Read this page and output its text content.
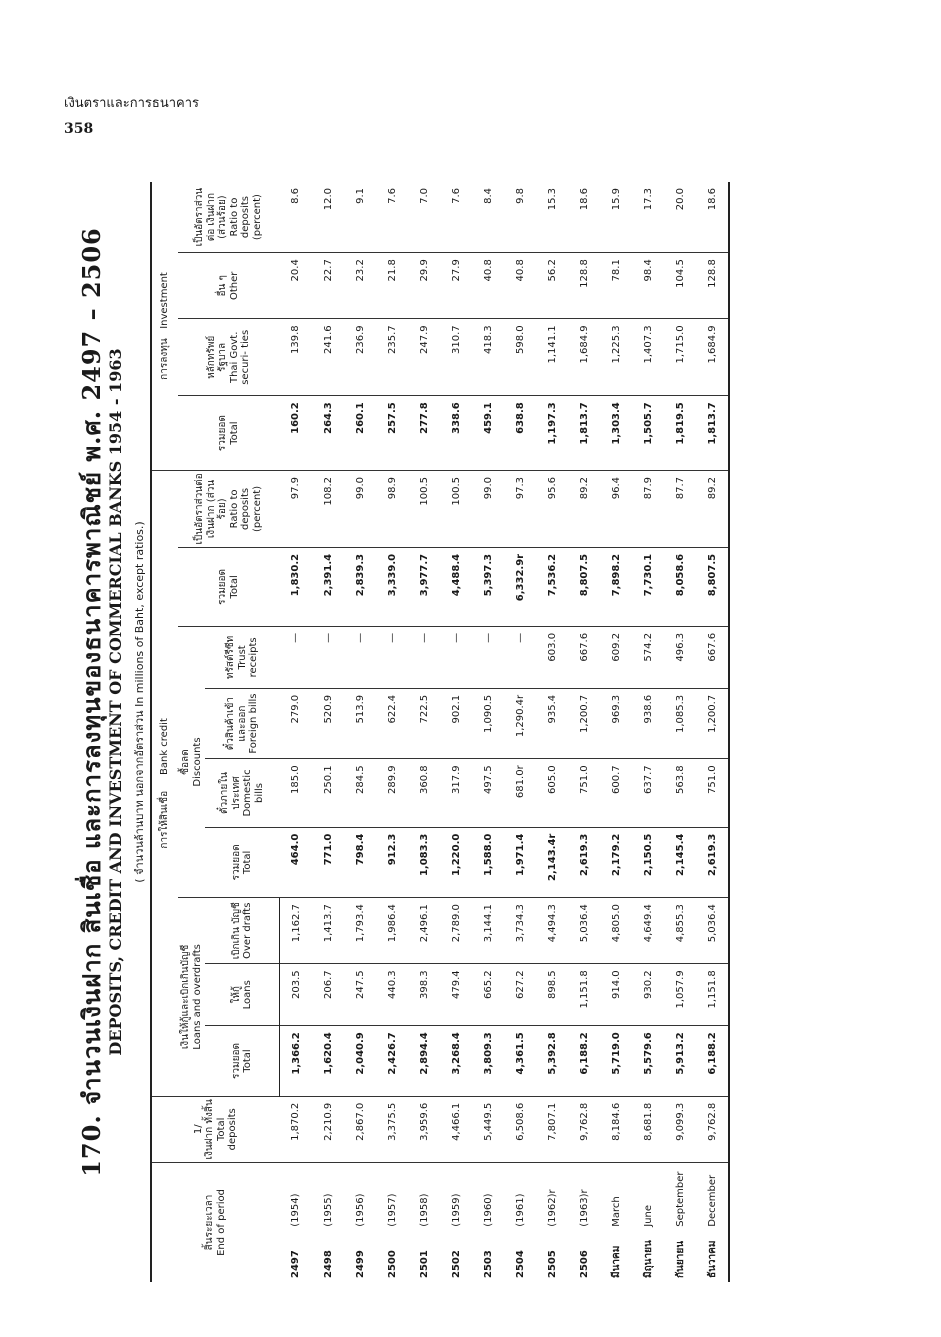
เงินตราและการธนาคาร
358
170. จำนวนเงินฝาก สินเชื่อ และการลงทุนของธนาคารพาณิชย์ พ.ศ. 2497 – 2506 DEPOSITS, CREDIT AND INVESTMENT OF COMMERCIAL BANKS 1954 - 1963 ( จำนวนล้านบาท นอกจากอัตราส่วน In millions of Baht, except ratios.)
สิ้นระยะเวลา End of period		1/ เงินฝาก ทั้งสิ้น Total deposits	การให้สินเชื่อ     Bank credit									การลงทุน   Investment			

			เงินให้กู้และเบิกเกินบัญชี Loans and overdrafts			ซื้อลด Discounts				รวมยอด Total	เป็นอัตราส่วนต่อ เงินฝาก (ส่วนร้อย) Ratio to deposits (percent)	รวมยอด Total	หลักทรัพย์ รัฐบาล Thai Govt. securi- ties	อื่น ๆ Other	เป็นอัตราส่วนต่อ เงินฝาก (ส่วนร้อย) Ratio to deposits (percent)

						รวมยอด Total	ตั๋วภายใน ประเทศ Domestic bills	ตั๋วสินค้าเข้า และออก Foreign bills	ทรัสต์รีซีท Trust receipts						

			รวมยอด Total	ให้กู้ Loans	เบิกเกิน บัญชี Over drafts										

2497	(1954)	1,870.2	1,366.2	203.5	1,162.7	464.0	185.0	279.0	—	1,830.2	97.9	160.2	139.8	20.4	8.6
2498	(1955)	2,210.9	1,620.4	206.7	1,413.7	771.0	250.1	520.9	—	2,391.4	108.2	264.3	241.6	22.7	12.0
2499	(1956)	2,867.0	2,040.9	247.5	1,793.4	798.4	284.5	513.9	—	2,839.3	99.0	260.1	236.9	23.2	9.1
2500	(1957)	3,375.5	2,426.7	440.3	1,986.4	912.3	289.9	622.4	—	3,339.0	98.9	257.5	235.7	21.8	7.6
2501	(1958)	3,959.6	2,894.4	398.3	2,496.1	1,083.3	360.8	722.5	—	3,977.7	100.5	277.8	247.9	29.9	7.0
2502	(1959)	4,466.1	3,268.4	479.4	2,789.0	1,220.0	317.9	902.1	—	4,488.4	100.5	338.6	310.7	27.9	7.6
2503	(1960)	5,449.5	3,809.3	665.2	3,144.1	1,588.0	497.5	1,090.5	—	5,397.3	99.0	459.1	418.3	40.8	8.4
2504	(1961)	6,508.6	4,361.5	627.2	3,734.3	1,971.4	681.0r	1,290.4r	—	6,332.9r	97.3	638.8	598.0	40.8	9.8
2505	(1962)r	7,807.1	5,392.8	898.5	4,494.3	2,143.4r	605.0	935.4	603.0	7,536.2	95.6	1,197.3	1,141.1	56.2	15.3
2506	(1963)r	9,762.8	6,188.2	1,151.8	5,036.4	2,619.3	751.0	1,200.7	667.6	8,807.5	89.2	1,813.7	1,684.9	128.8	18.6
มีนาคม	March	8,184.6	5,719.0	914.0	4,805.0	2,179.2	600.7	969.3	609.2	7,898.2	96.4	1,303.4	1,225.3	78.1	15.9
มิถุนายน	June	8,681.8	5,579.6	930.2	4,649.4	2,150.5	637.7	938.6	574.2	7,730.1	87.9	1,505.7	1,407.3	98.4	17.3
กันยายน	September	9,099.3	5,913.2	1,057.9	4,855.3	2,145.4	563.8	1,085.3	496.3	8,058.6	87.7	1,819.5	1,715.0	104.5	20.0
ธันวาคม	December	9,762.8	6,188.2	1,151.8	5,036.4	2,619.3	751.0	1,200.7	667.6	8,807.5	89.2	1,813.7	1,684.9	128.8	18.6
